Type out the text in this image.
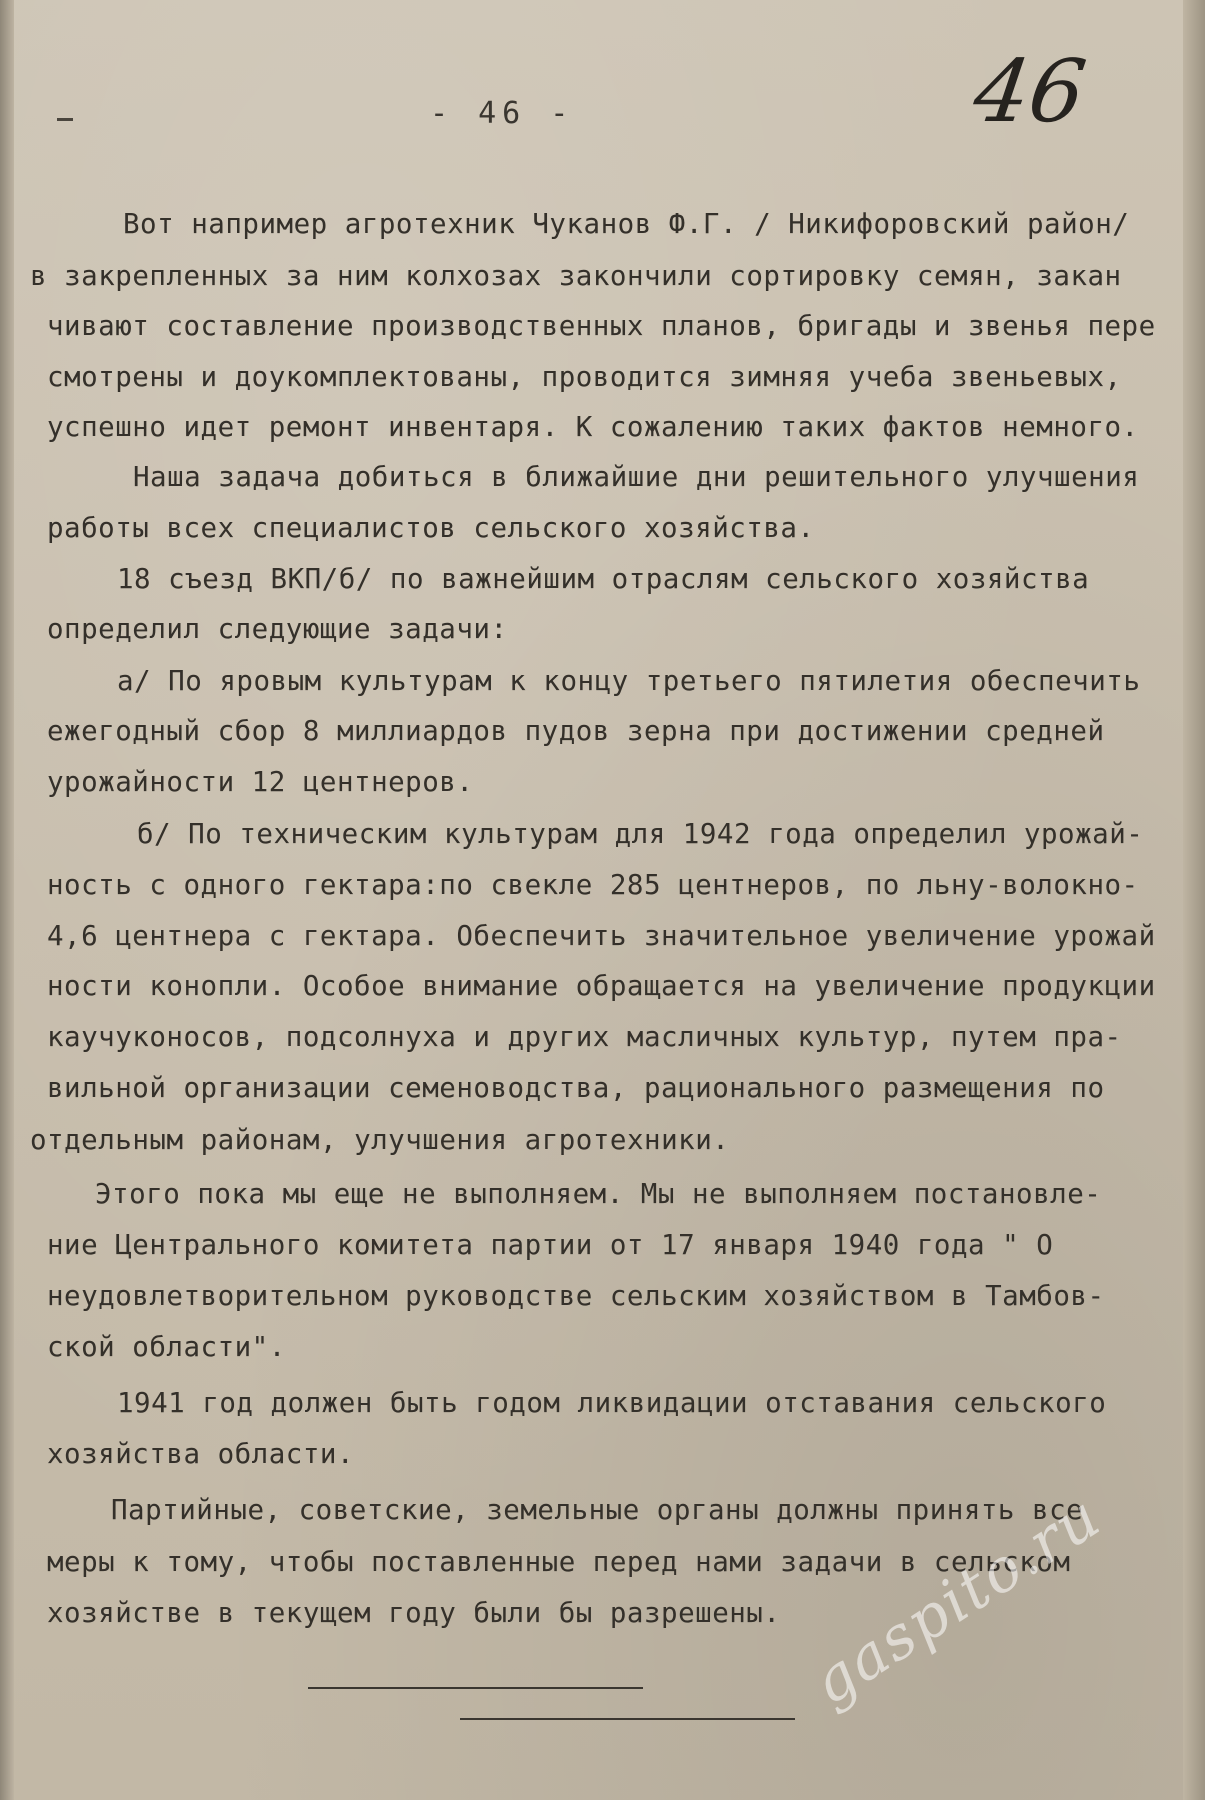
- 46 -	46
Вот например агротехник Чуканов Ф.Г. / Никифоровский район/
в закрепленных за ним колхозах закончили сортировку семян, закан
чивают составление производственных планов, бригады и звенья пере
смотрены и доукомплектованы, проводится зимняя учеба звеньевых,
успешно идет ремонт инвентаря. К сожалению таких фактов немного.
Наша задача добиться в ближайшие дни решительного улучшения
работы всех специалистов сельского хозяйства.
18 съезд ВКП/б/ по важнейшим отраслям сельского хозяйства
определил следующие задачи:
а/ По яровым культурам к концу третьего пятилетия обеспечить
ежегодный сбор 8 миллиардов пудов зерна при достижении средней
урожайности 12 центнеров.
б/ По техническим культурам для 1942 года определил урожай-
ность с одного гектара:по свекле 285 центнеров, по льну-волокно-
4,6 центнера с гектара. Обеспечить значительное увеличение урожай
ности конопли. Особое внимание обращается на увеличение продукции
каучуконосов, подсолнуха и других масличных культур, путем пра-
вильной организации семеноводства, рационального размещения по
отдельным районам, улучшения агротехники.
Этого пока мы еще не выполняем. Мы не выполняем постановле-
ние Центрального комитета партии от 17 января 1940 года " О
неудовлетворительном руководстве сельским хозяйством в Тамбов-
ской области".
1941 год должен быть годом ликвидации отставания сельского
хозяйства области.
Партийные, советские, земельные органы должны принять все
меры к тому, чтобы поставленные перед нами задачи в сельском
хозяйстве в текущем году были бы разрешены. gaspito.ru
